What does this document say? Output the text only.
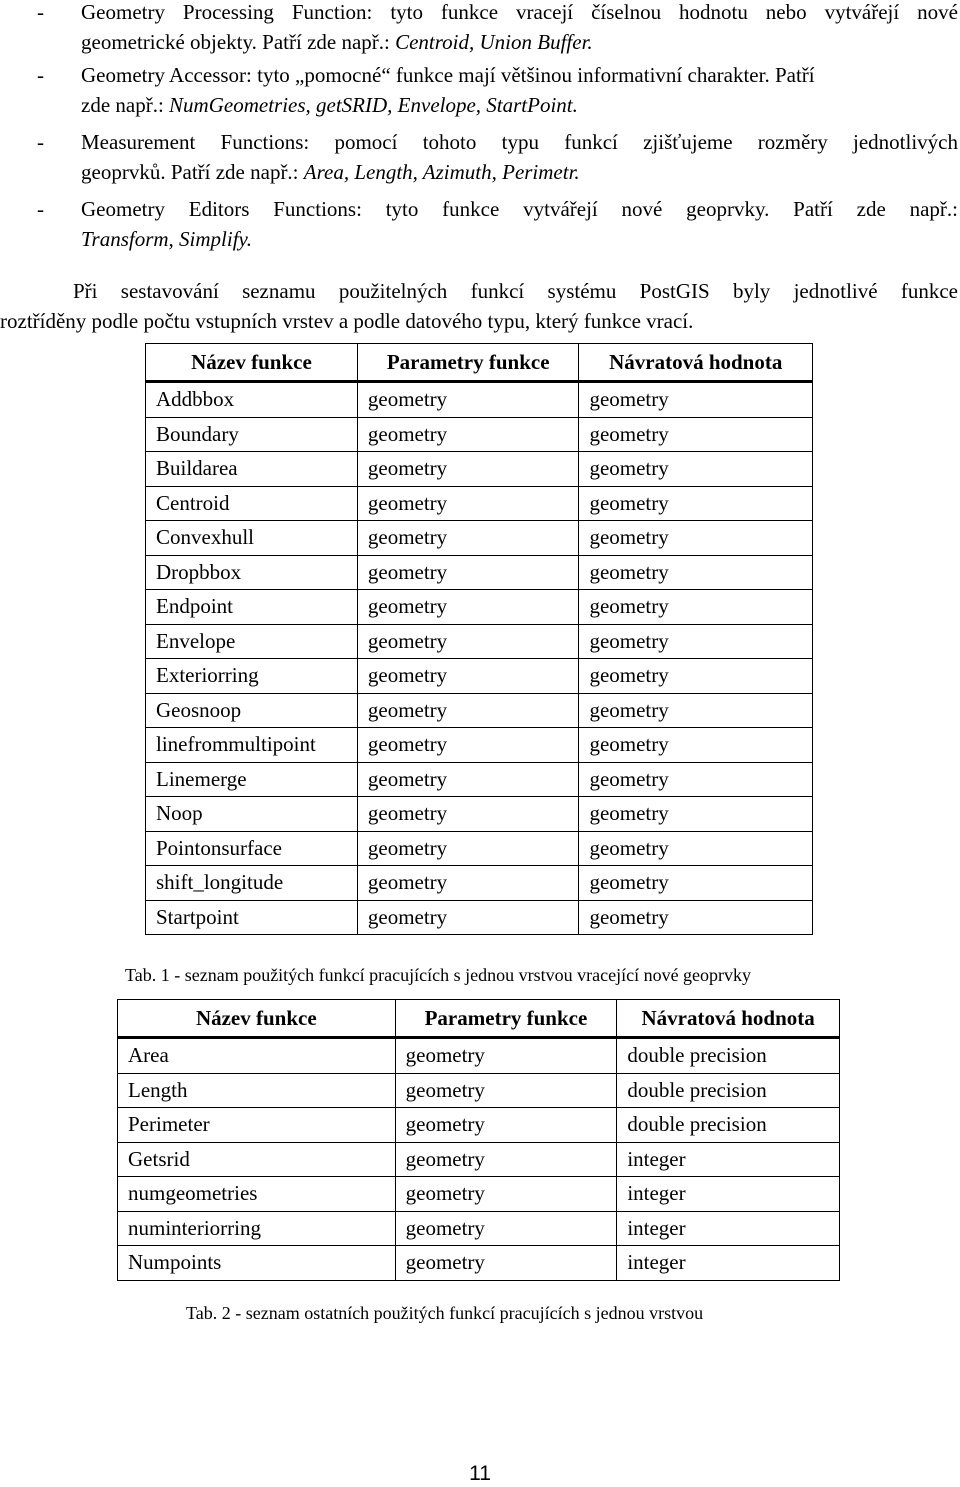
-	Geometry Processing Function: tyto funkce vracejí číselnou hodnotu nebo vytvářejí nové
geometrické objekty. Patří zde např.: Centroid, Union Buffer.
-	Geometry Accessor: tyto „pomocné“ funkce mají většinou informativní charakter. Patří
zde např.: NumGeometries, getSRID, Envelope, StartPoint.
-	Measurement Functions: pomocí tohoto typu funkcí zjišťujeme rozměry jednotlivých
geoprvků. Patří zde např.: Area, Length, Azimuth, Perimetr.
-	Geometry Editors Functions: tyto funkce vytvářejí nové geoprvky. Patří zde např.:
Transform, Simplify.
Při sestavování seznamu použitelných funkcí systému PostGIS byly jednotlivé funkce
roztříděny podle počtu vstupních vrstev a podle datového typu, který funkce vrací.
Název funkce	Parametry funkce	Návratová hodnota
Addbbox	geometry	geometry
Boundary	geometry	geometry
Buildarea	geometry	geometry
Centroid	geometry	geometry
Convexhull	geometry	geometry
Dropbbox	geometry	geometry
Endpoint	geometry	geometry
Envelope	geometry	geometry
Exteriorring	geometry	geometry
Geosnoop	geometry	geometry
linefrommultipoint	geometry	geometry
Linemerge	geometry	geometry
Noop	geometry	geometry
Pointonsurface	geometry	geometry
shift_longitude	geometry	geometry
Startpoint	geometry	geometry
Tab. 1 - seznam použitých funkcí pracujících s jednou vrstvou vracející nové geoprvky
Název funkce	Parametry funkce	Návratová hodnota
Area	geometry	double precision
Length	geometry	double precision
Perimeter	geometry	double precision
Getsrid	geometry	integer
numgeometries	geometry	integer
numinteriorring	geometry	integer
Numpoints	geometry	integer
Tab. 2 - seznam ostatních použitých funkcí pracujících s jednou vrstvou
11
